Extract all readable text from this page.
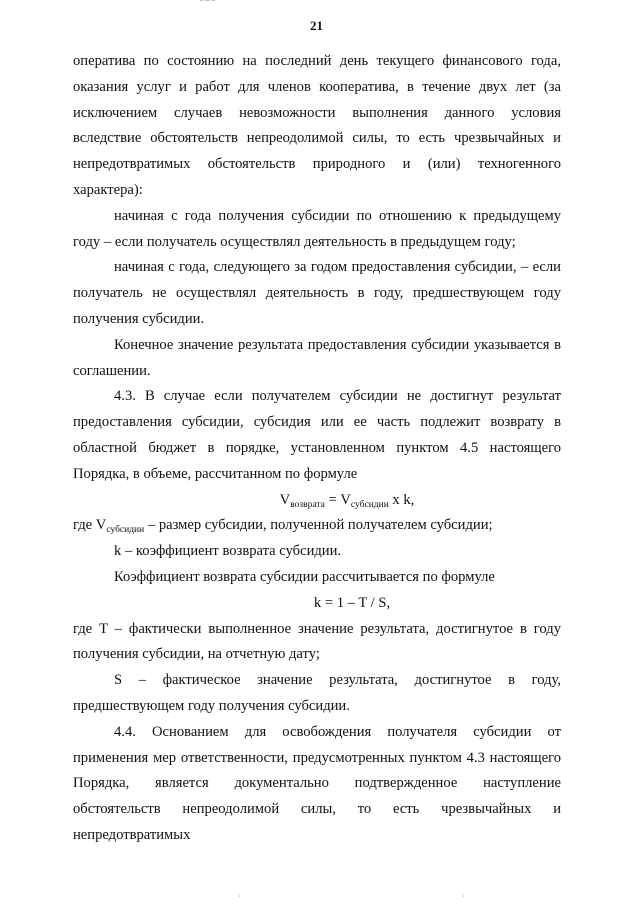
‾ ‾‾ ‾
21

оператива по состоянию на последний день текущего финансового года, оказания услуг и работ для членов кооператива, в течение двух лет (за исключением случаев невозможности выполнения данного условия вследствие обстоятельств непреодолимой силы, то есть чрезвычайных и непредотвратимых обстоятельств природного и (или) техногенного характера):

начиная с года получения субсидии по отношению к предыдущему году – если получатель осуществлял деятельность в предыдущем году;

начиная с года, следующего за годом предоставления субсидии, – если получатель не осуществлял деятельность в году, предшествующем году получения субсидии.

Конечное значение результата предоставления субсидии указывается в соглашении.

4.3. В случае если получателем субсидии не достигнут результат предоставления субсидии, субсидия или ее часть подлежит возврату в областной бюджет в порядке, установленном пунктом 4.5 настоящего Порядка, в объеме, рассчитанном по формуле

$V_{возврата} = V_{субсидии}$ x k,

где $V_{субсидии}$ – размер субсидии, полученной получателем субсидии;

k – коэффициент возврата субсидии.

Коэффициент возврата субсидии рассчитывается по формуле

k = 1 – T / S,

где T – фактически выполненное значение результата, достигнутое в году получения субсидии, на отчетную дату;

S – фактическое значение результата, достигнутое в году, предшествующем году получения субсидии.

4.4. Основанием для освобождения получателя субсидии от применения мер ответственности, предусмотренных пунктом 4.3 настоящего Порядка, является документально подтвержденное наступление обстоятельств непреодолимой силы, то есть чрезвычайных и непредотвратимых

·	·
